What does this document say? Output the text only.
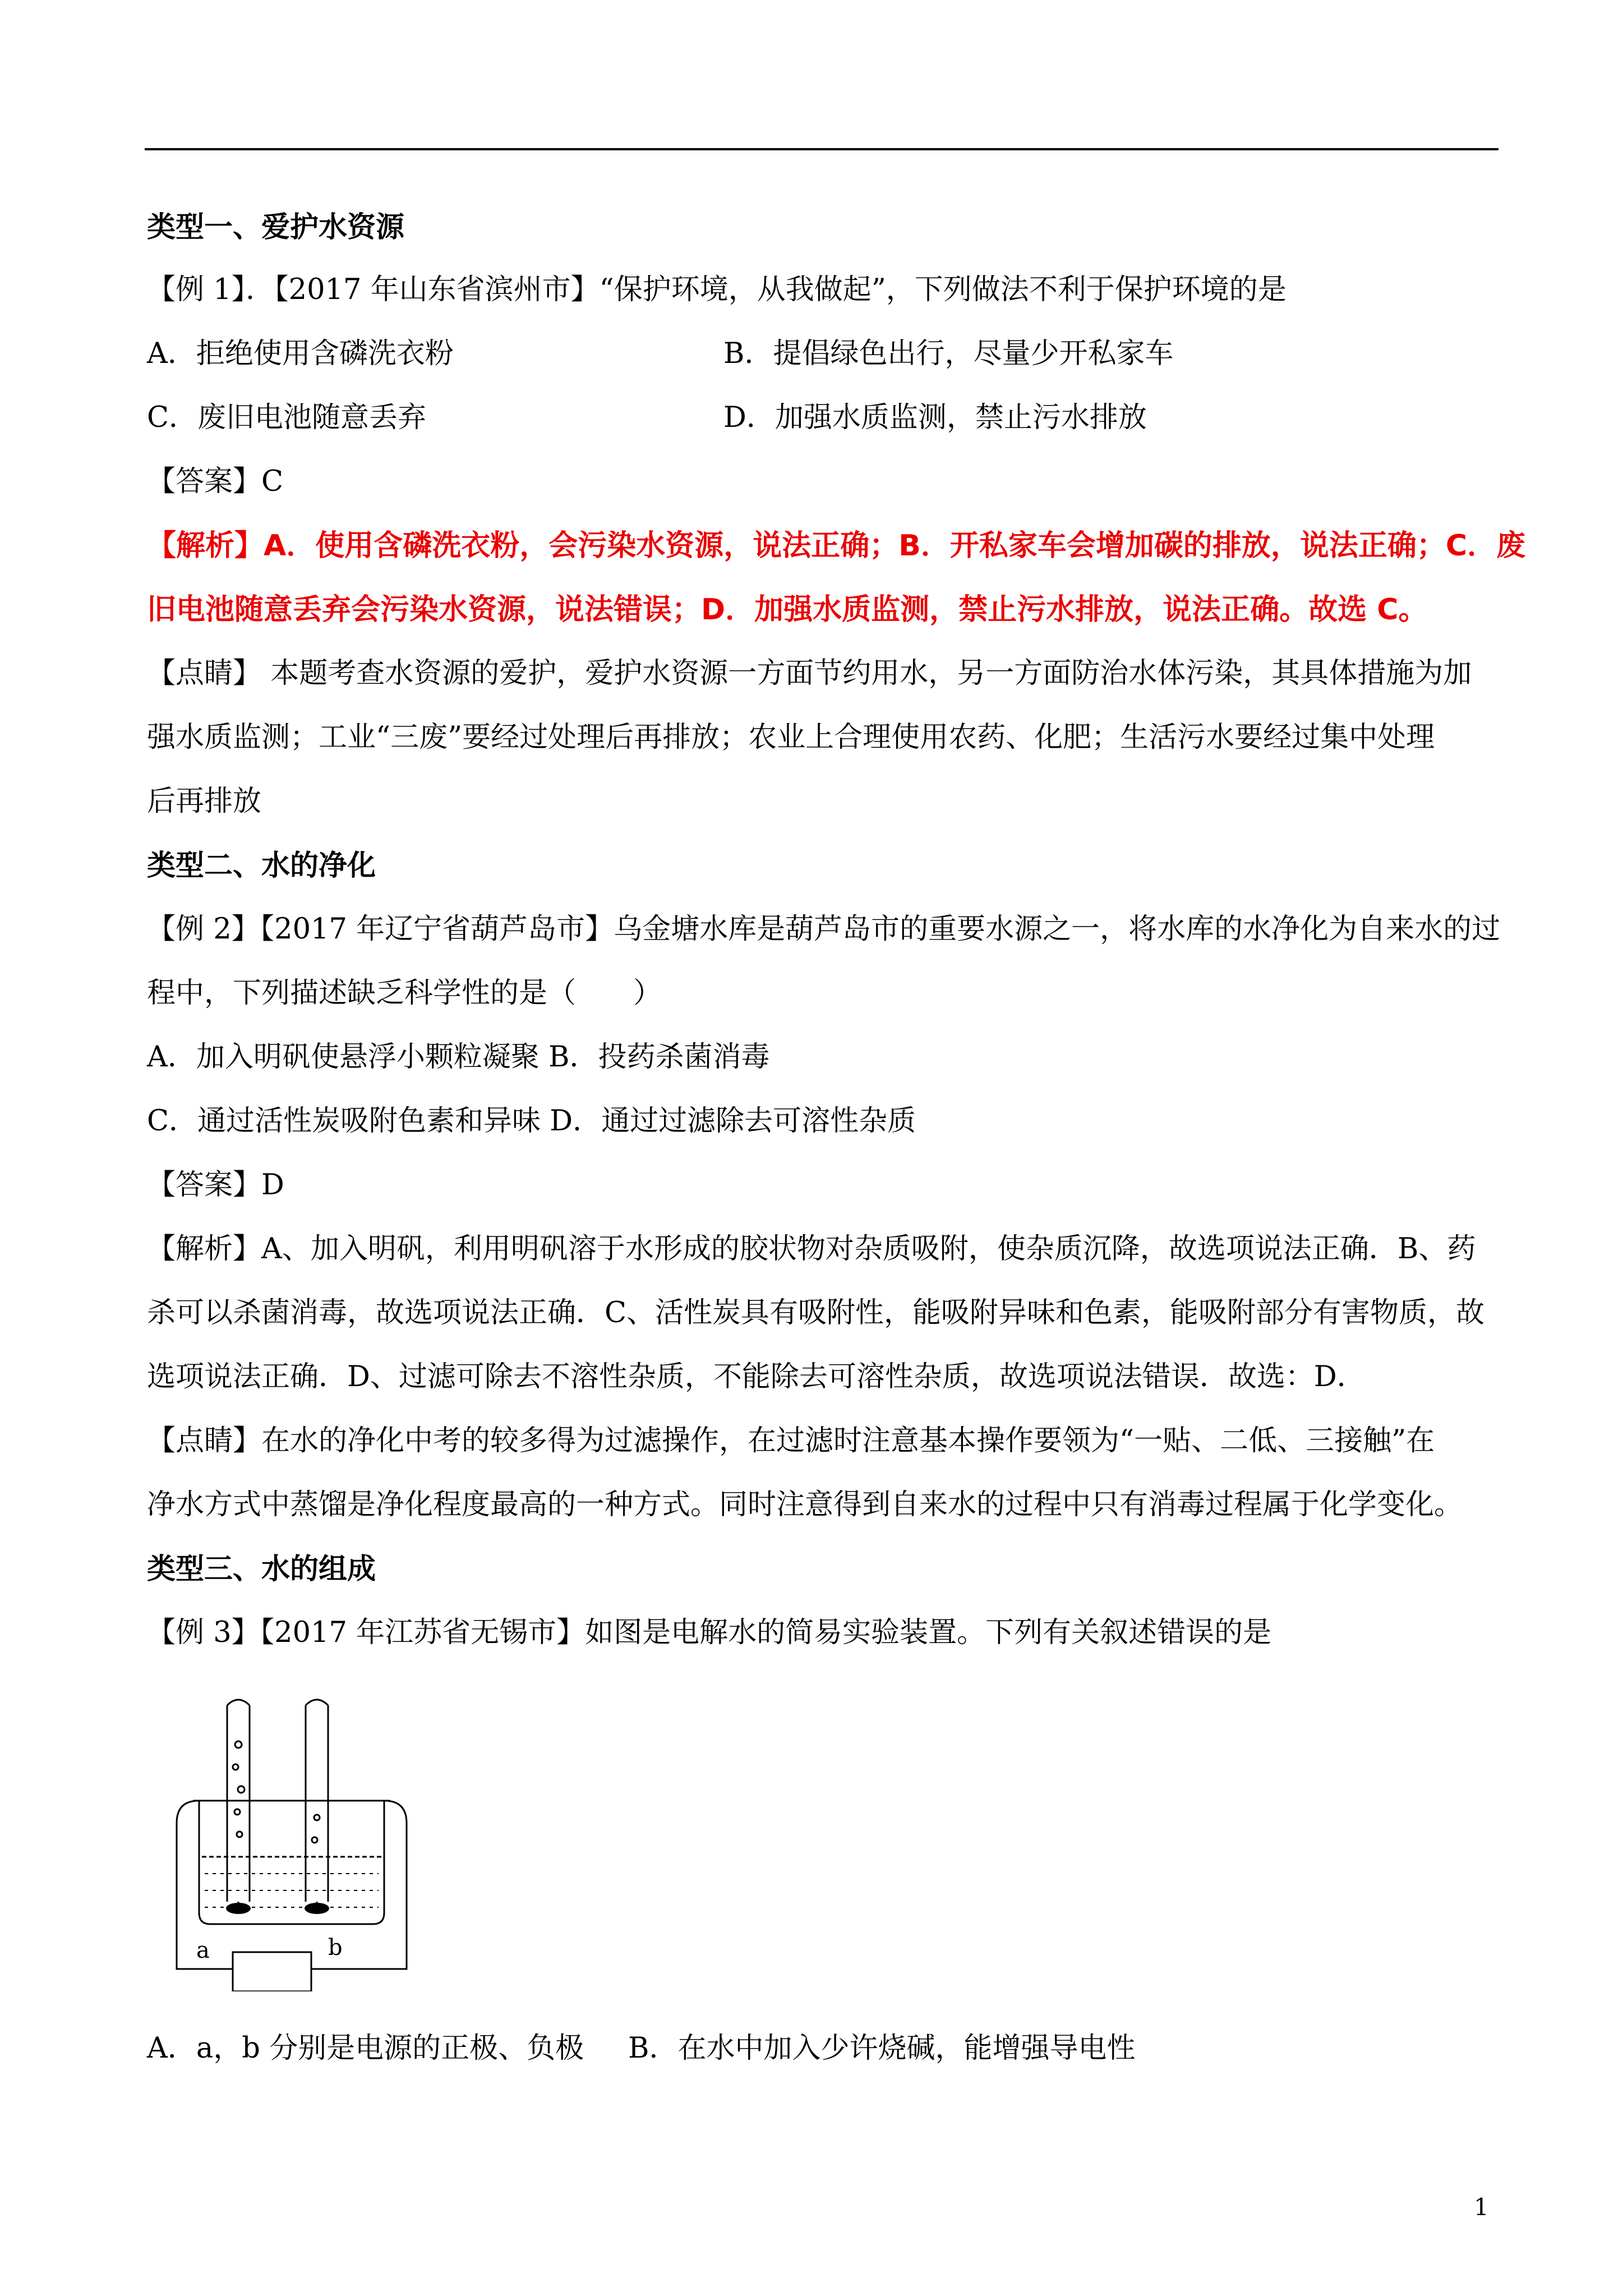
类型一、爱护水资源
【例 1】．【2017 年山东省滨州市】“保护环境，从我做起”，下列做法不利于保护环境的是
A．拒绝使用含磷洗衣粉	B．提倡绿色出行，尽量少开私家车
C．废旧电池随意丢弃	D．加强水质监测，禁止污水排放
【答案】C
【解析】A．使用含磷洗衣粉，会污染水资源，说法正确；B．开私家车会增加碳的排放，说法正确；C．废
旧电池随意丢弃会污染水资源，说法错误；D．加强水质监测，禁止污水排放，说法正确。故选 C。
【点睛】 本题考查水资源的爱护，爱护水资源一方面节约用水，另一方面防治水体污染，其具体措施为加
强水质监测；工业“三废”要经过处理后再排放；农业上合理使用农药、化肥；生活污水要经过集中处理
后再排放
类型二、水的净化
【例 2】【2017 年辽宁省葫芦岛市】乌金塘水库是葫芦岛市的重要水源之一，将水库的水净化为自来水的过
程中，下列描述缺乏科学性的是（　　）
A．加入明矾使悬浮小颗粒凝聚 B．投药杀菌消毒
C．通过活性炭吸附色素和异味 D．通过过滤除去可溶性杂质
【答案】D
【解析】A、加入明矾，利用明矾溶于水形成的胶状物对杂质吸附，使杂质沉降，故选项说法正确．B、药
杀可以杀菌消毒，故选项说法正确．C、活性炭具有吸附性，能吸附异味和色素，能吸附部分有害物质，故
选项说法正确．D、过滤可除去不溶性杂质，不能除去可溶性杂质，故选项说法错误．故选：D．
【点睛】在水的净化中考的较多得为过滤操作，在过滤时注意基本操作要领为“一贴、二低、三接触”在
净水方式中蒸馏是净化程度最高的一种方式。同时注意得到自来水的过程中只有消毒过程属于化学变化。
类型三、水的组成
【例 3】【2017 年江苏省无锡市】如图是电解水的简易实验装置。下列有关叙述错误的是
a	b
A．a，b 分别是电源的正极、负极 B．在水中加入少许烧碱，能增强导电性
1
